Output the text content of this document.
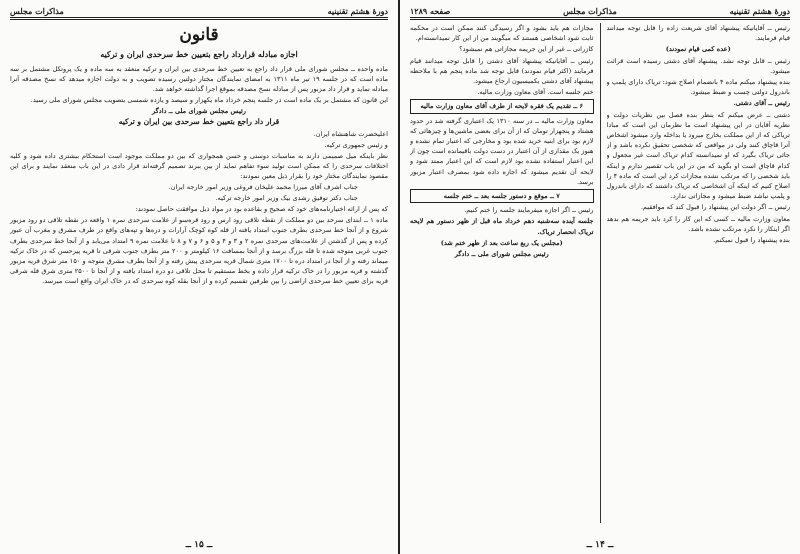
دورهٔ هشتم تقنینیه
مذاکرات مجلس
قانون
اجازه مبادله قرارداد راجع بتعیین خط سرحدی ایران و ترکیه

ماده واحده ــ مجلس شورای ملی قرار داد راجع به تعیین خط سرحدی بین ایران و ترکیه منعقد به سه ماده و یک پروتکل مشتمل بر سه ماده است که در جلسه ۱۹ تیر ماه ۱۳۱۱ به امضای نمایندگان مختار دولتین رسیده تصویب و به دولت اجازه میدهد که نسخ مصدقه آنرا مبادله نماید و قرار داد مزبور پس از مبادله نسخ مصدقه بموقع اجرا گذاشته خواهد شد.

این قانون که مشتمل بر یک ماده است در جلسه پنجم خرداد ماه یکهزار و سیصد و یازده شمسی بتصویب مجلس شورای ملی رسید.

رئیس مجلس شورای ملی ــ دادگر

قرار داد راجع بتعیین خط سرحدی بین ایران و ترکیه

اعلیحضرت شاهنشاه ایران.

و رئیس جمهوری ترکیه.

نظر باینکه میل صمیمی دارند به مناسبات دوستی و حسن همجواری که بین دو مملکت موجود است استحکام بیشتری داده شود و کلیه اختلافات سرحدی را که ممکن است تولید سوء تفاهم نماید از بین ببرند تصمیم گرفته‌اند قرار دادی در این باب منعقد نمایند و برای این مقصود نمایندگان مختار خود را بقرار ذیل معین نمودند:

جناب اشرف آقای میرزا محمد علیخان فروغی وزیر امور خارجه ایران.

جناب دکتر توفیق رشدی بیک وزیر امور خارجه ترکیه.

که پس از ارائه اختیارنامه‌های خود که صحیح و بقاعده بود در مواد ذیل موافقت حاصل نمودند:

ماده ۱ ــ ابتدای سرحد بین دو مملکت از نقطه تلاقی رود ارس و رود قره‌سو از علامت سرحدی نمره ۱ واقعه در نقطه تلاقی دو رود مزبور شروع و از آنجا خط سرحدی بطرف جنوب امتداد یافته از قله کوه کوچک آرارات و دره‌ها و تپه‌های واقع در طرف مشرق و مغرب آن عبور کرده و پس از گذشتن از علامت‌های سرحدی نمره ۲ و ۳ و ۴ و ۵ و ۶ و ۷ و ۸ تا علامت نمره ۹ امتداد می‌یابد و از آنجا خط سرحدی بطرف جنوب غربی متوجه شده تا قله بزرگ برسد و از آنجا بمسافت ۱۶ کیلومتر و ۲۰۰ متر بطرف جنوب شرقی تا قریه پیرحسن که در خاک ترکیه میماند رفته و از آنجا در امتداد دره تا ۱۷۰۰ متری شمال قریه سرحدی پیش رفته و از آنجا بطرف مشرق متوجه و ۱۵۰ متر شرق قریه مزبور گذشته و قریه مزبور را در خاک ترکیه قرار داده و بخط مستقیم تا محل تلاقی دو دره امتداد یافته و از آنجا تا ۲۵۰۰ متری شرق قله شرقی قریه برای تعیین خط سرحدی اراضی را بین طرفین تقسیم کرده و از آنجا بقله کوه سرحدی که در خاک ایران واقع است میرسد.

ــ ۱۵ ــ
دورهٔ هشتم تقنینیه
مذاکرات مجلس
صفحه ۱۲۸۹

رئیس ــ آقایانیکه پیشنهاد آقای شریعت زاده را قابل توجه میدانند قیام فرمایند.

(عده کمی قیام نمودند)

رئیس ــ قابل توجه نشد. پیشنهاد آقای دشتی رسیده است قرائت میشود.

بنده پیشنهاد میکنم ماده ۴ بانضمام اصلاح شود: تریاک دارای پلمپ و باندرول دولتی چسب و ضبط میشود.

رئیس ــ آقای دشتی.

دشتی ــ عرض میکنم که بنظر بنده فصل بین نظریات دولت و نظریه آقایان در این پیشنهاد است ما نظرمان این است که مبادا تریاکی که از این مملکت بخارج میرود یا بداخله وارد میشود اشخاص آنرا قاچاق کنند ولی در مواقعی که شخصی تحقیق نکرده باشد و از جائی تریاک بگیرد که او نمیدانسته کدام تریاک است غیر مجعول و کدام قاچاق است او بگوید که من در این باب تقصیر ندارم و اینکه باید شخصی را که مرتکب نشده مجازات کرد این است که ماده ۴ را اصلاح کنیم که اینکه آن اشخاصی که تریاک داشتند که دارای باندرول و پلمپ نباشد ضبط میشود و مجازاتی ندارد.

رئیس ــ اگر دولت این پیشنهاد را قبول کند که موافقیم.

معاون وزارت مالیه ــ کسی که این کار را کرد باید جریمه هم بدهد اگر اینکار را نکرد مرتکب نشده باشد.

بنده پیشنهاد را قبول نمیکنم.

مجازات هم باید بشود و اگر رسیدگی کنند ممکن است در محکمه ثابت شود اشخاصی هستند که میگویند من از این کار نمیدانسته‌ام.

کازرانی ــ غیر از این جریمه مجازاتی هم نمیشود؟

رئیس ــ آقایانیکه پیشنهاد آقای دشتی را قابل توجه میدانند قیام فرمایند (اکثر قیام نمودند) قابل توجه شد ماده پنجم هم با ملاحظه پیشنهاد آقای دشتی بکمیسیون ارجاع میشود.

ختم جلسه است. آقای معاون وزارت مالیه.

۶ ــ تقدیم یک فقره لایحه از طرف آقای معاون وزارت مالیه

معاون وزارت مالیه ــ در سنه ۱۳۱۰ یک اعتباری گرفته شد در حدود هشتاد و پنجهزار تومان که از آن برای بعضی ماشین‌ها و چیزهائی که لازم بود برای ابنیه خرید شده بود و مخارجی که اعتبار تمام نشده و هنوز یک مقداری از آن اعتبار در دست دولت باقیمانده است چون از این اعتبار استفاده نشده بود لازم است که این اعتبار ممتد شود و لایحه آن تقدیم میشود که اجازه داده شود بمصرف اعتبار مزبور برسد.

۷ ــ موقع و دستور جلسه بعد ــ ختم جلسه

رئیس ــ اگر اجازه میفرمایند جلسه را ختم کنیم.

جلسه آینده سه‌شنبه دهم خرداد ماه قبل از ظهر دستور هم لایحه تریاک انحصار تریاک.

(مجلس یک ربع ساعت بعد از ظهر ختم شد)

رئیس مجلس شورای ملی ــ دادگر

ــ ۱۴ ــ
